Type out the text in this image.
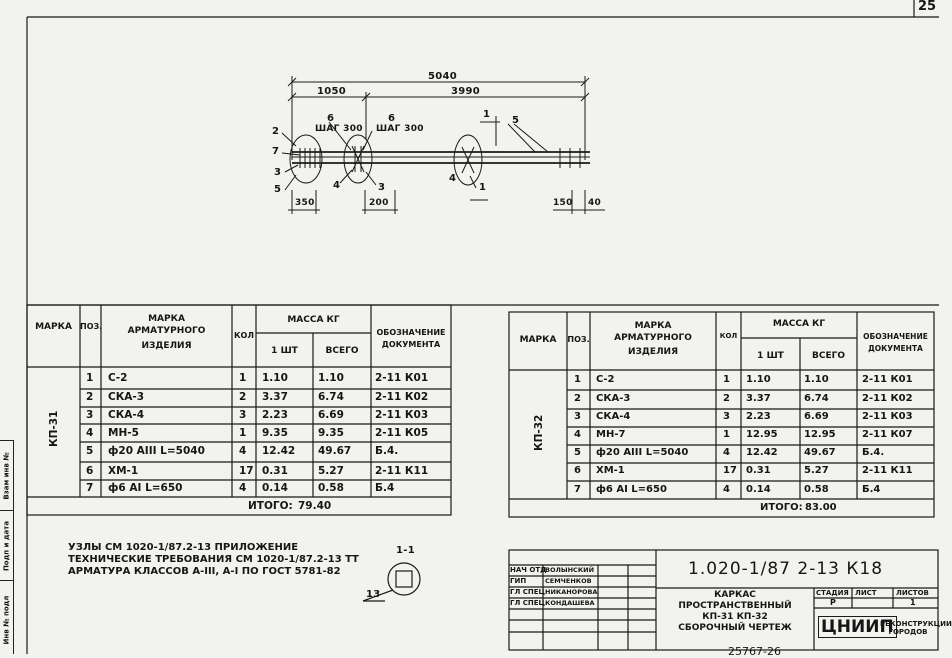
Инв № подл
Подп и дата
Взам инв №
25
5040
1050	3990
6
ШАГ 300
6
ШАГ 300
1
2
7
3
5	4	3
4
1
5
350	200	150 40
МАРКА	ПОЗ.
МАРКА
АРМАТУРНОГО
ИЗДЕЛИЯ
КОЛ
МАССА КГ
1 ШТ	ВСЕГО
ОБОЗНАЧЕНИЕ
ДОКУМЕНТА
КП-31
1 С-2	1 1.10	1.10	2-11 К01
2 СКА-3	2 3.37	6.74	2-11 К02
3 СКА-4	3 2.23	6.69	2-11 К03
4 МН-5	1 9.35	9.35	2-11 К05
5 ф20 АIII L=5040	4 12.42 49.67 Б.4.
6 ХМ-1	17 0.31	5.27	2-11 К11
7 ф6 АI L=650	4 0.14	0.58	Б.4
ИТОГО: 79.40
МАРКА	ПОЗ.
МАРКА
АРМАТУРНОГО
ИЗДЕЛИЯ
КОЛ
МАССА КГ
1 ШТ	ВСЕГО
ОБОЗНАЧЕНИЕ
ДОКУМЕНТА
КП-32
1 С-2	1 1.10	1.10	2-11 К01
2 СКА-3	2 3.37	6.74	2-11 К02
3 СКА-4	3 2.23	6.69	2-11 К03
4 МН-7	1 12.95	12.95	2-11 К07
5 ф20 АIII L=5040	4 12.42	49.67	Б.4.
6 ХМ-1	17 0.31	5.27	2-11 К11
7 ф6 АI L=650	4 0.14	0.58	Б.4
ИТОГО: 83.00
УЗЛЫ СМ 1020-1/87.2-13 ПРИЛОЖЕНИЕ
ТЕХНИЧЕСКИЕ ТРЕБОВАНИЯ СМ 1020-1/87.2-13 ТТ
АРМАТУРА КЛАССОВ А-III, А-I ПО ГОСТ 5781-82
1-1
13
1.020-1/87 2-13 К18
НАЧ ОТД
ВОЛЫНСКИЙ
ГИП	СЕМЧЕНКОВ
ГЛ СПЕЦ НИКАНОРОВА
ГЛ СПЕЦ КОНДАШЕВА
КАРКАС
ПРОСТРАНСТВЕННЫЙ
КП-31 КП-32
СБОРОЧНЫЙ ЧЕРТЕЖ
СТАДИЯ ЛИСТ	ЛИСТОВ
Р	1
ЦНИИП
РЕКОНСТРУКЦИИ
ГОРОДОВ
25767-26
